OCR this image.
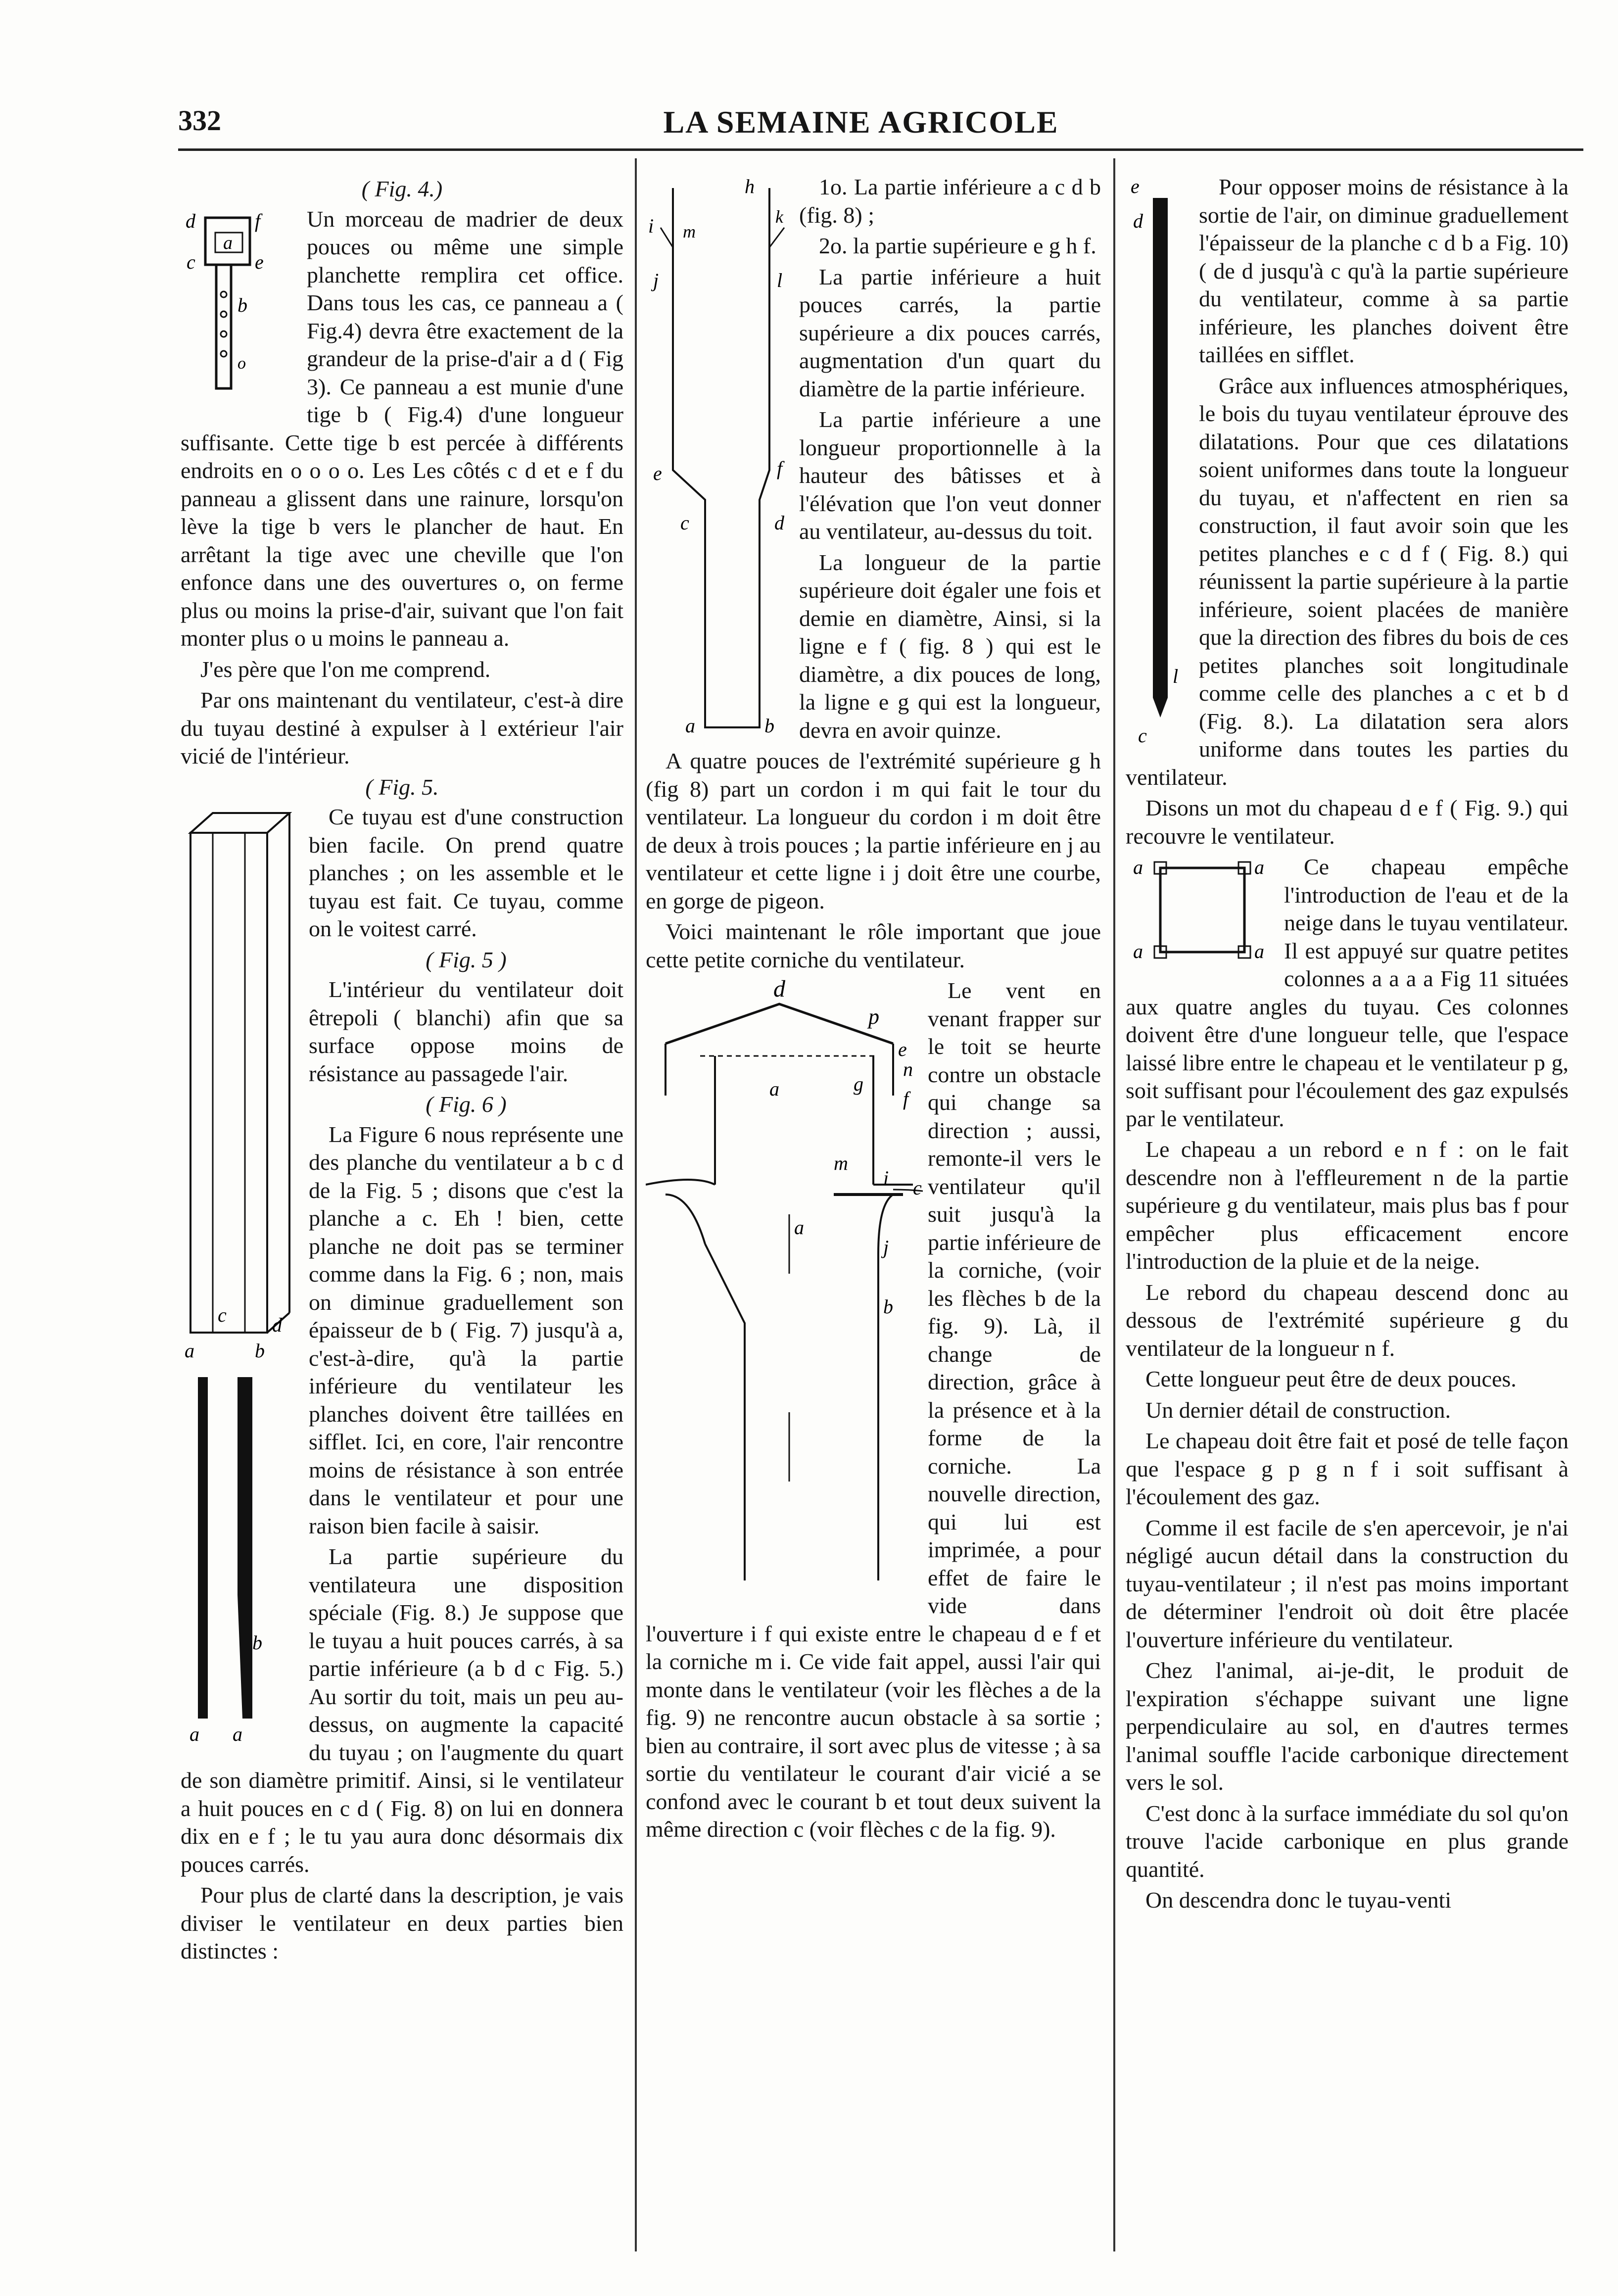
332	LA SEMAINE AGRICOLE

( Fig. 4.)

d	f
a
c	e
b
o

Un morceau de madrier de deux pouces ou même une simple planchette remplira cet office. Dans tous les cas, ce panneau a ( Fig.4) devra être exactement de la grandeur de la prise-d'air a d ( Fig 3). Ce panneau a est munie d'une tige b ( Fig.4) d'une longueur suffisante. Cette tige b est percée à différents endroits en o o o o. Les Les côtés c d et e f du panneau a glissent dans une rainure, lorsqu'on lève la tige b vers le plancher de haut. En arrêtant la tige avec une cheville que l'on enfonce dans une des ouvertures o, on ferme plus ou moins la prise-d'air, suivant que l'on fait monter plus o u moins le panneau a.

J'es père que l'on me comprend.

Par ons maintenant du ventilateur, c'est-à dire du tuyau destiné à expulser à l extérieur l'air vicié de l'intérieur.

( Fig. 5.

c d
a	b
b
a a

Ce tuyau est d'une construction bien facile. On prend quatre planches ; on les assemble et le tuyau est fait. Ce tuyau, comme on le voitest carré.

( Fig. 5 )

L'intérieur du ventilateur doit êtrepoli ( blanchi) afin que sa surface oppose moins de résistance au passagede l'air.

( Fig. 6 )

La Figure 6 nous représente une des planche du ventilateur a b c d de la Fig. 5 ; disons que c'est la planche a c. Eh ! bien, cette planche ne doit pas se terminer comme dans la Fig. 6 ; non, mais on diminue graduellement son épaisseur de b ( Fig. 7) jusqu'à a, c'est-à-dire, qu'à la partie inférieure du ventilateur les planches doivent être taillées en sifflet. Ici, en core, l'air rencontre moins de résistance à son entrée dans le ventilateur et pour une raison bien facile à saisir.

La partie supérieure du ventilateura une disposition spéciale (Fig. 8.) Je suppose que le tuyau a huit pouces carrés, à sa partie inférieure (a b d c Fig. 5.) Au sortir du toit, mais un peu au-dessus, on augmente la capacité du tuyau ; on l'augmente du quart de son diamètre primitif. Ainsi, si le ventilateur a huit pouces en c d ( Fig. 8) on lui en donnera dix en e f ; le tu yau aura donc désormais dix pouces carrés.

Pour plus de clarté dans la description, je vais diviser le ventilateur en deux parties bien distinctes :

h
i m
k
j	l
e	f
c	d
a	b

1o. La partie inférieure a c d b (fig. 8) ;

2o. la partie supérieure e g h f.

La partie inférieure a huit pouces carrés, la partie supérieure a dix pouces carrés, augmentation d'un quart du diamètre de la partie inférieure.

La partie inférieure a une longueur proportionnelle à la hauteur des bâtisses et à l'élévation que l'on veut donner au ventilateur, au-dessus du toit.

La longueur de la partie supérieure doit égaler une fois et demie en diamètre, Ainsi, si la ligne e f ( fig. 8 ) qui est le diamètre, a dix pouces de long, la ligne e g qui est la longueur, devra en avoir quinze.

A quatre pouces de l'extrémité supérieure g h (fig 8) part un cordon i m qui fait le tour du ventilateur. La longueur du cordon i m doit être de deux à trois pouces ; la partie inférieure en j au ventilateur et cette ligne i j doit être une courbe, en gorge de pigeon.

Voici maintenant le rôle important que joue cette petite corniche du ventilateur.

d
p
e
n
f
a	g
m
i c
j
b
a

Le vent en venant frapper sur le toit se heurte contre un obstacle qui change sa direction ; aussi, remonte-il vers le ventilateur qu'il suit jusqu'à la partie inférieure de la corniche, (voir les flèches b de la fig. 9). Là, il change de direction, grâce à la présence et à la forme de la corniche. La nouvelle direction, qui lui est imprimée, a pour effet de faire le vide dans l'ouverture i f qui existe entre le chapeau d e f et la corniche m i. Ce vide fait appel, aussi l'air qui monte dans le ventilateur (voir les flèches a de la fig. 9) ne rencontre aucun obstacle à sa sortie ; bien au contraire, il sort avec plus de vitesse ; à sa sortie du ventilateur le courant d'air vicié a se confond avec le courant b et tout deux suivent la même direction c (voir flèches c de la fig. 9).

e
d
l
c

Pour opposer moins de résistance à la sortie de l'air, on diminue graduellement l'épaisseur de la planche c d b a Fig. 10) ( de d jusqu'à c qu'à la partie supérieure du ventilateur, comme à sa partie inférieure, les planches doivent être taillées en sifflet.

Grâce aux influences atmosphériques, le bois du tuyau ventilateur éprouve des dilatations. Pour que ces dilatations soient uniformes dans toute la longueur du tuyau, et n'affectent en rien sa construction, il faut avoir soin que les petites planches e c d f ( Fig. 8.) qui réunissent la partie supérieure à la partie inférieure, soient placées de manière que la direction des fibres du bois de ces petites planches soit longitudinale comme celle des planches a c et b d (Fig. 8.). La dilatation sera alors uniforme dans toutes les parties du ventilateur.

Disons un mot du chapeau d e f ( Fig. 9.) qui recouvre le ventilateur.

a	a
a	a

Ce chapeau empêche l'introduction de l'eau et de la neige dans le tuyau ventilateur. Il est appuyé sur quatre petites colonnes a a a a Fig 11 situées aux quatre angles du tuyau. Ces colonnes doivent être d'une longueur telle, que l'espace laissé libre entre le chapeau et le ventilateur p g, soit suffisant pour l'écoulement des gaz expulsés par le ventilateur.

Le chapeau a un rebord e n f : on le fait descendre non à l'effleurement n de la partie supérieure g du ventilateur, mais plus bas f pour empêcher plus efficacement encore l'introduction de la pluie et de la neige.

Le rebord du chapeau descend donc au dessous de l'extrémité supérieure g du ventilateur de la longueur n f.

Cette longueur peut être de deux pouces.

Un dernier détail de construction.

Le chapeau doit être fait et posé de telle façon que l'espace g p g n f i soit suffisant à l'écoulement des gaz.

Comme il est facile de s'en apercevoir, je n'ai négligé aucun détail dans la construction du tuyau-ventilateur ; il n'est pas moins important de déterminer l'endroit où doit être placée l'ouverture inférieure du ventilateur.

Chez l'animal, ai-je-dit, le produit de l'expiration s'échappe suivant une ligne perpendiculaire au sol, en d'autres termes l'animal souffle l'acide carbonique directement vers le sol.

C'est donc à la surface immédiate du sol qu'on trouve l'acide carbonique en plus grande quantité.

On descendra donc le tuyau-venti
